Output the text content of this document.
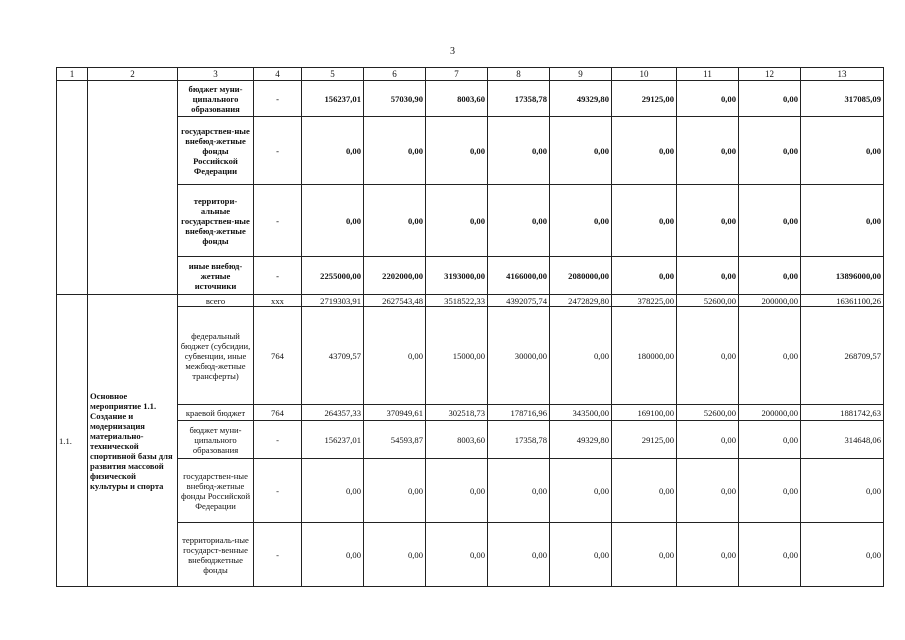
3
1	2	3	4	5	6	7	8	9	10	11	12	13
		бюджет муни-ципального образования	-	156237,01	57030,90	8003,60	17358,78	49329,80	29125,00	0,00	0,00	317085,09
		государствен-ные внебюд-жетные фонды Российской Федерации	-	0,00	0,00	0,00	0,00	0,00	0,00	0,00	0,00	0,00
		территори-альные государствен-ные внебюд-жетные фонды	-	0,00	0,00	0,00	0,00	0,00	0,00	0,00	0,00	0,00
		иные внебюд-жетные источники	-	2255000,00	2202000,00	3193000,00	4166000,00	2080000,00	0,00	0,00	0,00	13896000,00
1.1.	Основное мероприятие 1.1. Создание и модернизация материально-технической спортивной базы для развития массовой физической культуры и спорта	всего	ххх	2719303,91	2627543,48	3518522,33	4392075,74	2472829,80	378225,00	52600,00	200000,00	16361100,26
		федеральный бюджет (субсидии, субвенции, иные межбюд-жетные трансферты)	764	43709,57	0,00	15000,00	30000,00	0,00	180000,00	0,00	0,00	268709,57
		краевой бюджет	764	264357,33	370949,61	302518,73	178716,96	343500,00	169100,00	52600,00	200000,00	1881742,63
		бюджет муни-ципального образования	-	156237,01	54593,87	8003,60	17358,78	49329,80	29125,00	0,00	0,00	314648,06
		государствен-ные внебюд-жетные фонды Российской Федерации	-	0,00	0,00	0,00	0,00	0,00	0,00	0,00	0,00	0,00
		территориаль-ные государст-венные внебюджетные фонды	-	0,00	0,00	0,00	0,00	0,00	0,00	0,00	0,00	0,00
